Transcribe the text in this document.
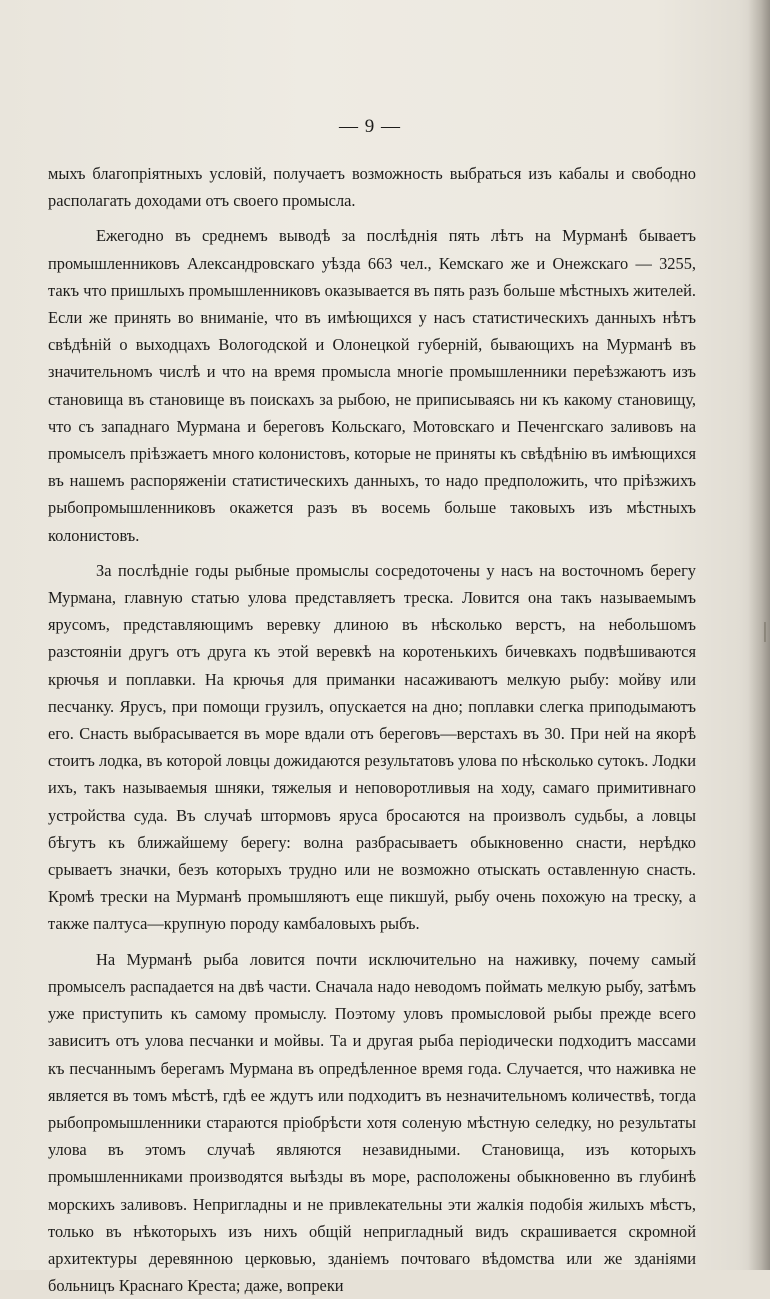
— 9 —

мыхъ благопріятныхъ условій, получаетъ возможность выбраться изъ кабалы и свободно располагать доходами отъ своего промысла.

Ежегодно въ среднемъ выводѣ за послѣднія пять лѣтъ на Мурманѣ бываетъ промышленниковъ Александровскаго уѣзда 663 чел., Кемскаго же и Онежскаго — 3255, такъ что пришлыхъ промышленниковъ оказывается въ пять разъ больше мѣстныхъ жителей. Если же принять во вниманіе, что въ имѣющихся у насъ статистическихъ данныхъ нѣтъ свѣдѣній о выходцахъ Вологодской и Олонецкой губерній, бывающихъ на Мурманѣ въ значительномъ числѣ и что на время промысла многіе промышленники переѣзжаютъ изъ становища въ становище въ поискахъ за рыбою, не приписываясь ни къ какому становищу, что съ западнаго Мурмана и береговъ Кольскаго, Мотовскаго и Печенгскаго заливовъ на промыселъ пріѣзжаетъ много колонистовъ, которые не приняты къ свѣдѣнію въ имѣющихся въ нашемъ распоряженіи статистическихъ данныхъ, то надо предположить, что пріѣзжихъ рыбопромышленниковъ окажется разъ въ восемь больше таковыхъ изъ мѣстныхъ колонистовъ.

За послѣдніе годы рыбные промыслы сосредоточены у насъ на восточномъ берегу Мурмана, главную статью улова представляетъ треска. Ловится она такъ называемымъ ярусомъ, представляющимъ веревку длиною въ нѣсколько верстъ, на небольшомъ разстояніи другъ отъ друга къ этой веревкѣ на коротенькихъ бичевкахъ подвѣшиваются крючья и поплавки. На крючья для приманки насаживаютъ мелкую рыбу: мойву или песчанку. Ярусъ, при помощи грузилъ, опускается на дно; поплавки слегка приподымаютъ его. Снасть выбрасывается въ море вдали отъ береговъ—верстахъ въ 30. При ней на якорѣ стоитъ лодка, въ которой ловцы дожидаются результатовъ улова по нѣсколько сутокъ. Лодки ихъ, такъ называемыя шняки, тяжелыя и неповоротливыя на ходу, самаго примитивнаго устройства суда. Въ случаѣ штормовъ яруса бросаются на произволъ судьбы, а ловцы бѣгутъ къ ближайшему берегу: волна разбрасываетъ обыкновенно снасти, нерѣдко срываетъ значки, безъ которыхъ трудно или не возможно отыскать оставленную снасть. Кромѣ трески на Мурманѣ промышляютъ еще пикшуй, рыбу очень похожую на треску, а также палтуса—крупную породу камбаловыхъ рыбъ.

На Мурманѣ рыба ловится почти исключительно на наживку, почему самый промыселъ распадается на двѣ части. Сначала надо неводомъ поймать мелкую рыбу, затѣмъ уже приступить къ самому промыслу. Поэтому уловъ промысловой рыбы прежде всего зависитъ отъ улова песчанки и мойвы. Та и другая рыба періодически подходитъ массами къ песчаннымъ берегамъ Мурмана въ опредѣленное время года. Случается, что наживка не является въ томъ мѣстѣ, гдѣ ее ждутъ или подходитъ въ незначительномъ количествѣ, тогда рыбопромышленники стараются пріобрѣсти хотя соленую мѣстную селедку, но результаты улова въ этомъ случаѣ являются незавидными. Становища, изъ которыхъ промышленниками производятся выѣзды въ море, расположены обыкновенно въ глубинѣ морскихъ заливовъ. Непригладны и не привлекательны эти жалкія подобія жилыхъ мѣстъ, только въ нѣкоторыхъ изъ нихъ общій непригладный видъ скрашивается скромной архитектуры деревянною церковью, зданіемъ почтоваго вѣдомства или же зданіями больницъ Краснаго Креста; даже, вопреки
